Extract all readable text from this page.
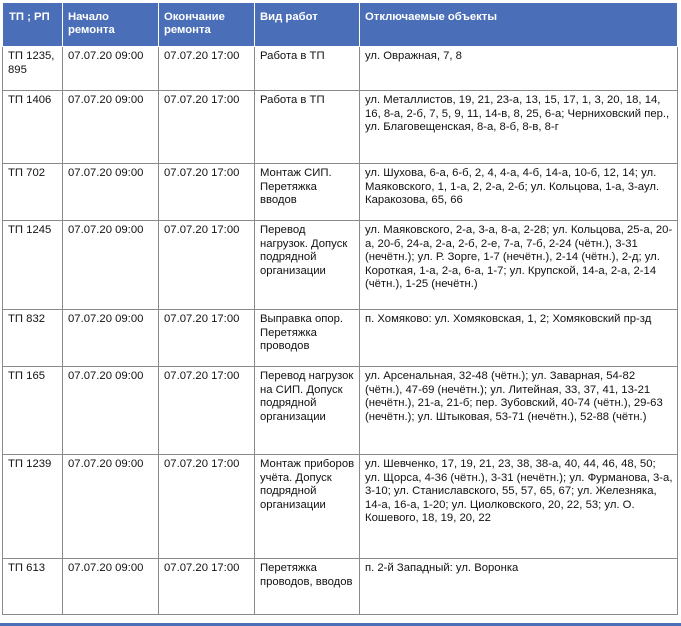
ТП ; РП	Начало ремонта	Окончание ремонта	Вид работ	Отключаемые объекты
ТП 1235, 895	07.07.20 09:00	07.07.20 17:00	Работа в ТП	ул. Овражная, 7, 8
ТП 1406	07.07.20 09:00	07.07.20 17:00	Работа в ТП	ул. Металлистов, 19, 21, 23-а, 13, 15, 17, 1, 3, 20, 18, 14, 16, 8-а, 2-б, 7, 5, 9, 11, 14-в, 8, 25, 6-а; Черниховский пер., ул. Благовещенская, 8-а, 8-б, 8-в, 8-г
ТП 702	07.07.20 09:00	07.07.20 17:00	Монтаж СИП. Перетяжка вводов	ул. Шухова, 6-а, 6-б, 2, 4, 4-а, 4-б, 14-а, 10-б, 12, 14; ул. Маяковского, 1, 1-а, 2, 2-а, 2-б; ул. Кольцова, 1-а, 3-аул. Каракозова, 65, 66
ТП 1245	07.07.20 09:00	07.07.20 17:00	Перевод нагрузок. Допуск подрядной организации	ул. Маяковского, 2-а, 3-а, 8-а, 2-28; ул. Кольцова, 25-а, 20-а, 20-б, 24-а, 2-а, 2-б, 2-е, 7-а, 7-б, 2-24 (чётн.), 3-31 (нечётн.); ул. Р. Зорге, 1-7 (нечётн.), 2-14 (чётн.), 2-д; ул. Короткая, 1-а, 2-а, 6-а, 1-7; ул. Крупской, 14-а, 2-а, 2-14 (чётн.), 1-25 (нечётн.)
ТП 832	07.07.20 09:00	07.07.20 17:00	Выправка опор. Перетяжка проводов	п. Хомяково: ул. Хомяковская, 1, 2; Хомяковский пр-зд
ТП 165	07.07.20 09:00	07.07.20 17:00	Перевод нагрузок на СИП. Допуск подрядной организации	ул. Арсенальная, 32-48 (чётн.); ул. Заварная, 54-82 (чётн.), 47-69 (нечётн.); ул. Литейная, 33, 37, 41, 13-21 (нечётн.), 21-а, 21-б; пер. Зубовский, 40-74 (чётн.), 29-63 (нечётн.); ул. Штыковая, 53-71 (нечётн.), 52-88 (чётн.)
ТП 1239	07.07.20 09:00	07.07.20 17:00	Монтаж приборов учёта. Допуск подрядной организации	ул. Шевченко, 17, 19, 21, 23, 38, 38-а, 40, 44, 46, 48, 50; ул. Щорса, 4-36 (чётн.), 3-31 (нечётн.); ул. Фурманова, 3-а, 3-10; ул. Станиславского, 55, 57, 65, 67; ул. Железняка, 14-а, 16-а, 1-20; ул. Циолковского, 20, 22, 53; ул. О. Кошевого, 18, 19, 20, 22
ТП 613	07.07.20 09:00	07.07.20 17:00	Перетяжка проводов, вводов	п. 2-й Западный: ул. Воронка
